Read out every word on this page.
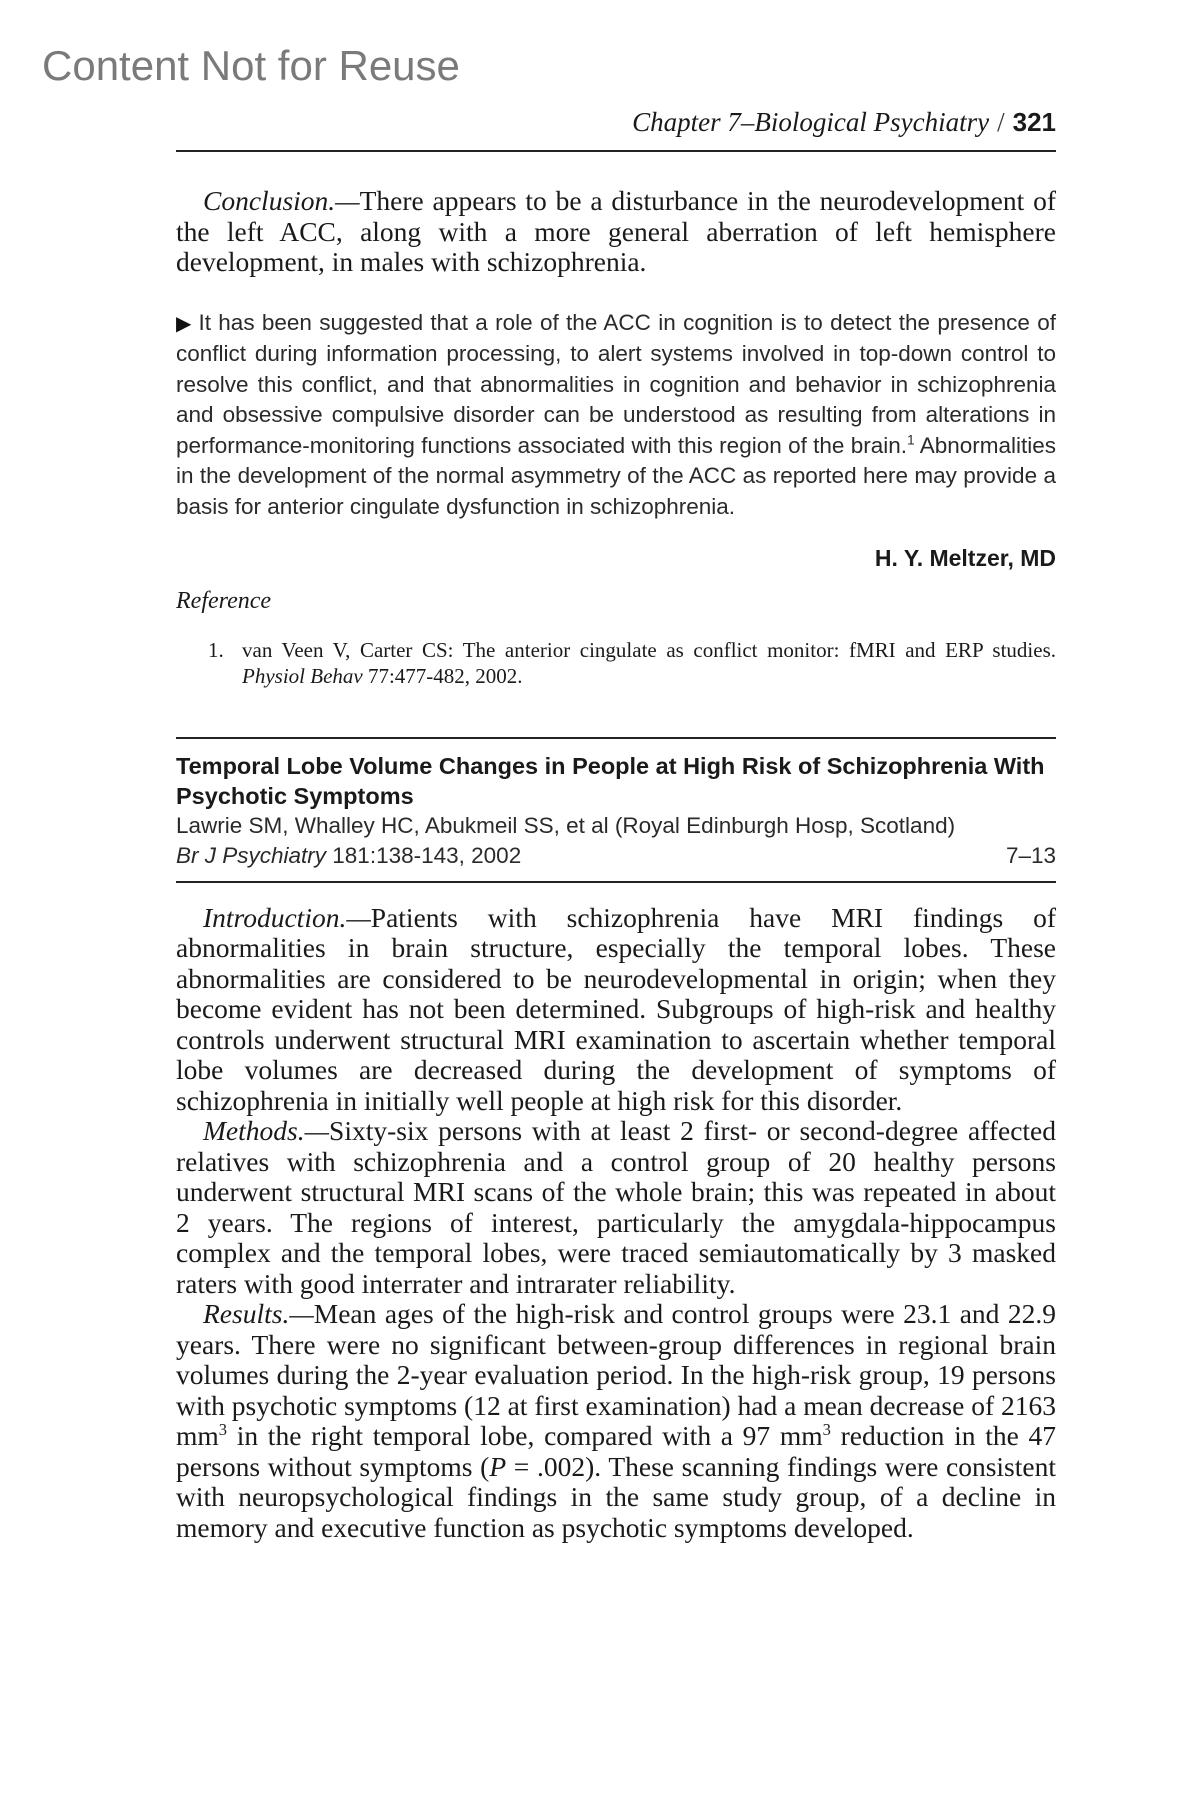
Content Not for Reuse
Chapter 7–Biological Psychiatry / 321

Conclusion.—There appears to be a disturbance in the neurodevelopment of the left ACC, along with a more general aberration of left hemisphere development, in males with schizophrenia.

▶ It has been suggested that a role of the ACC in cognition is to detect the presence of conflict during information processing, to alert systems involved in top-down control to resolve this conflict, and that abnormalities in cognition and behavior in schizophrenia and obsessive compulsive disorder can be understood as resulting from alterations in performance-monitoring functions associated with this region of the brain.$^1$ Abnormalities in the development of the normal asymmetry of the ACC as reported here may provide a basis for anterior cingulate dysfunction in schizophrenia.

H. Y. Meltzer, MD
Reference
1. van Veen V, Carter CS: The anterior cingulate as conflict monitor: fMRI and ERP studies. Physiol Behav 77:477-482, 2002.
Temporal Lobe Volume Changes in People at High Risk of Schizophrenia With Psychotic Symptoms
Lawrie SM, Whalley HC, Abukmeil SS, et al (Royal Edinburgh Hosp, Scotland)
Br J Psychiatry 181:138-143, 2002	7–13

Introduction.—Patients with schizophrenia have MRI findings of abnormalities in brain structure, especially the temporal lobes. These abnormalities are considered to be neurodevelopmental in origin; when they become evident has not been determined. Subgroups of high-risk and healthy controls underwent structural MRI examination to ascertain whether temporal lobe volumes are decreased during the development of symptoms of schizophrenia in initially well people at high risk for this disorder.

Methods.—Sixty-six persons with at least 2 first- or second-degree affected relatives with schizophrenia and a control group of 20 healthy persons underwent structural MRI scans of the whole brain; this was repeated in about 2 years. The regions of interest, particularly the amygdala-hippocampus complex and the temporal lobes, were traced semiautomatically by 3 masked raters with good interrater and intrarater reliability.

Results.—Mean ages of the high-risk and control groups were 23.1 and 22.9 years. There were no significant between-group differences in regional brain volumes during the 2-year evaluation period. In the high-risk group, 19 persons with psychotic symptoms (12 at first examination) had a mean decrease of 2163 $mm^3$ in the right temporal lobe, compared with a 97 $mm^3$ reduction in the 47 persons without symptoms (P = .002). These scanning findings were consistent with neuropsychological findings in the same study group, of a decline in memory and executive function as psychotic symptoms developed.
